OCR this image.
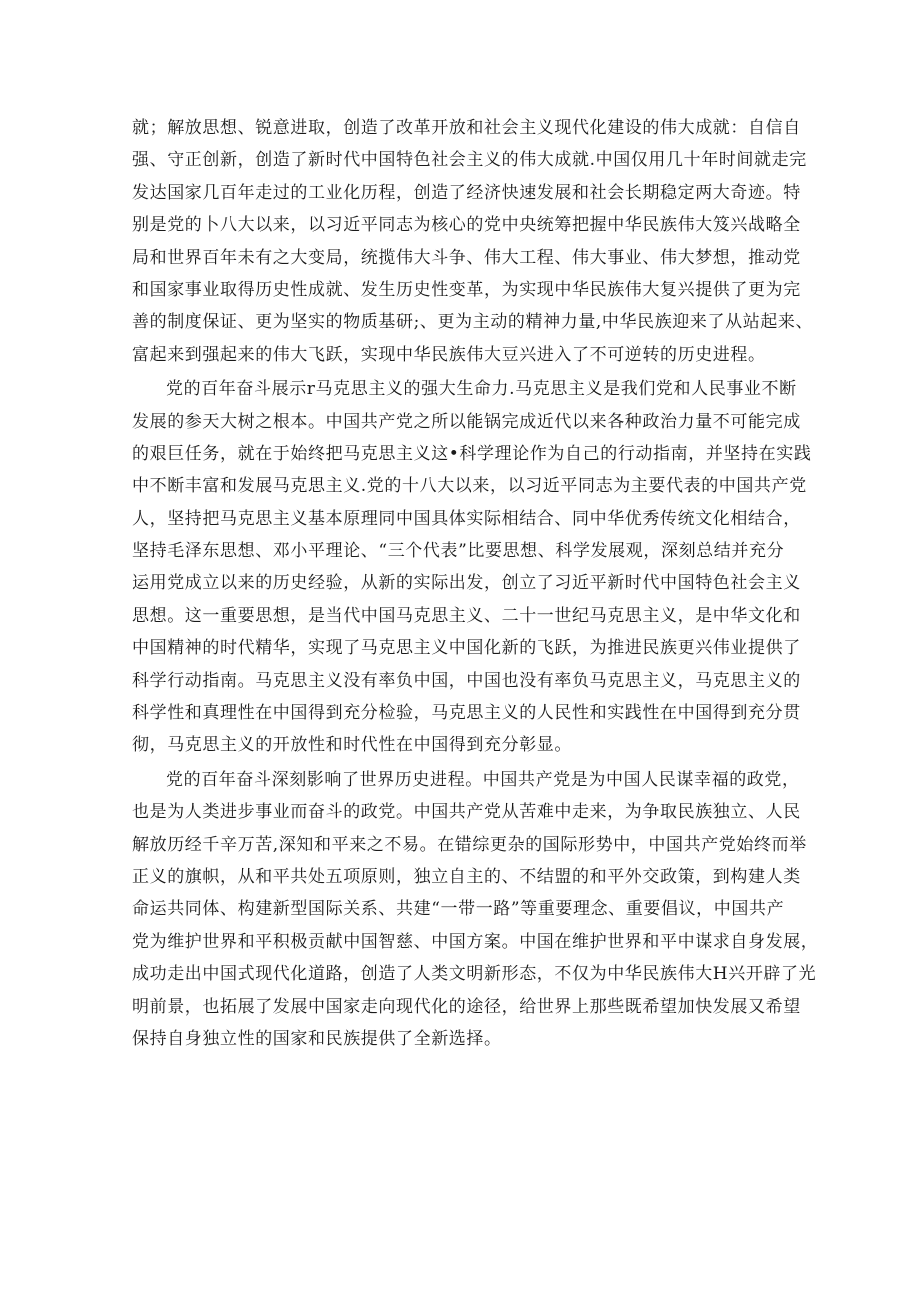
就；解放思想、锐意进取，创造了改革开放和社会主义现代化建设的伟大成就：自信自
强、守正创新，创造了新时代中国特色社会主义的伟大成就.中国仅用几十年时间就走完
发达国家几百年走过的工业化历程，创造了经济快速发展和社会长期稳定两大奇迹。特
别是党的卜八大以来，以习近平同志为核心的党中央统筹把握中华民族伟大笈兴战略全
局和世界百年未有之大变局，统揽伟大斗争、伟大工程、伟大事业、伟大梦想，推动党
和国家事业取得历史性成就、发生历史性变革，为实现中华民族伟大复兴提供了更为完
善的制度保证、更为坚实的物质基研;、更为主动的精神力量,中华民族迎来了从站起来、
富起来到强起来的伟大飞跃，实现中华民族伟大豆兴进入了不可逆转的历史进程。
党的百年奋斗展示r马克思主义的强大生命力.马克思主义是我们党和人民事业不断
发展的参天大树之根本。中国共产党之所以能锅完成近代以来各种政治力量不可能完成
的艰巨任务，就在于始终把马克思主义这•科学理论作为自己的行动指南，并坚持在实践
中不断丰富和发展马克思主义.党的十八大以来，以习近平同志为主要代表的中国共产党
人，坚持把马克思主义基本原理同中国具体实际相结合、同中华优秀传统文化相结合，
坚持毛泽东思想、邓小平理论、“三个代表”比要思想、科学发展观，深刻总结并充分
运用党成立以来的历史经验，从新的实际出发，创立了习近平新时代中国特色社会主义
思想。这一重要思想，是当代中国马克思主义、二十一世纪马克思主义，是中华文化和
中国精神的时代精华，实现了马克思主义中国化新的飞跃，为推进民族更兴伟业提供了
科学行动指南。马克思主义没有率负中国，中国也没有率负马克思主义，马克思主义的
科学性和真理性在中国得到充分检验，马克思主义的人民性和实践性在中国得到充分贯
彻，马克思主义的开放性和时代性在中国得到充分彰显。
党的百年奋斗深刻影响了世界历史进程。中国共产党是为中国人民谋幸福的政党，
也是为人类进步事业而奋斗的政党。中国共产党从苦难中走来，为争取民族独立、人民
解放历经千辛万苦,深知和平来之不易。在错综更杂的国际形势中，中国共产党始终而举
正义的旗帜，从和平共处五项原则，独立自主的、不结盟的和平外交政策，到构建人类
命运共同体、构建新型国际关系、共建“一带一路”等重要理念、重要倡议，中国共产
党为维护世界和平积极贡献中国智慈、中国方案。中国在维护世界和平中谋求自身发展，
成功走出中国式现代化道路，创造了人类文明新形态，不仅为中华民族伟大H兴开辟了光
明前景，也拓展了发展中国家走向现代化的途径，给世界上那些既希望加快发展又希望
保持自身独立性的国家和民族提供了全新选择。
